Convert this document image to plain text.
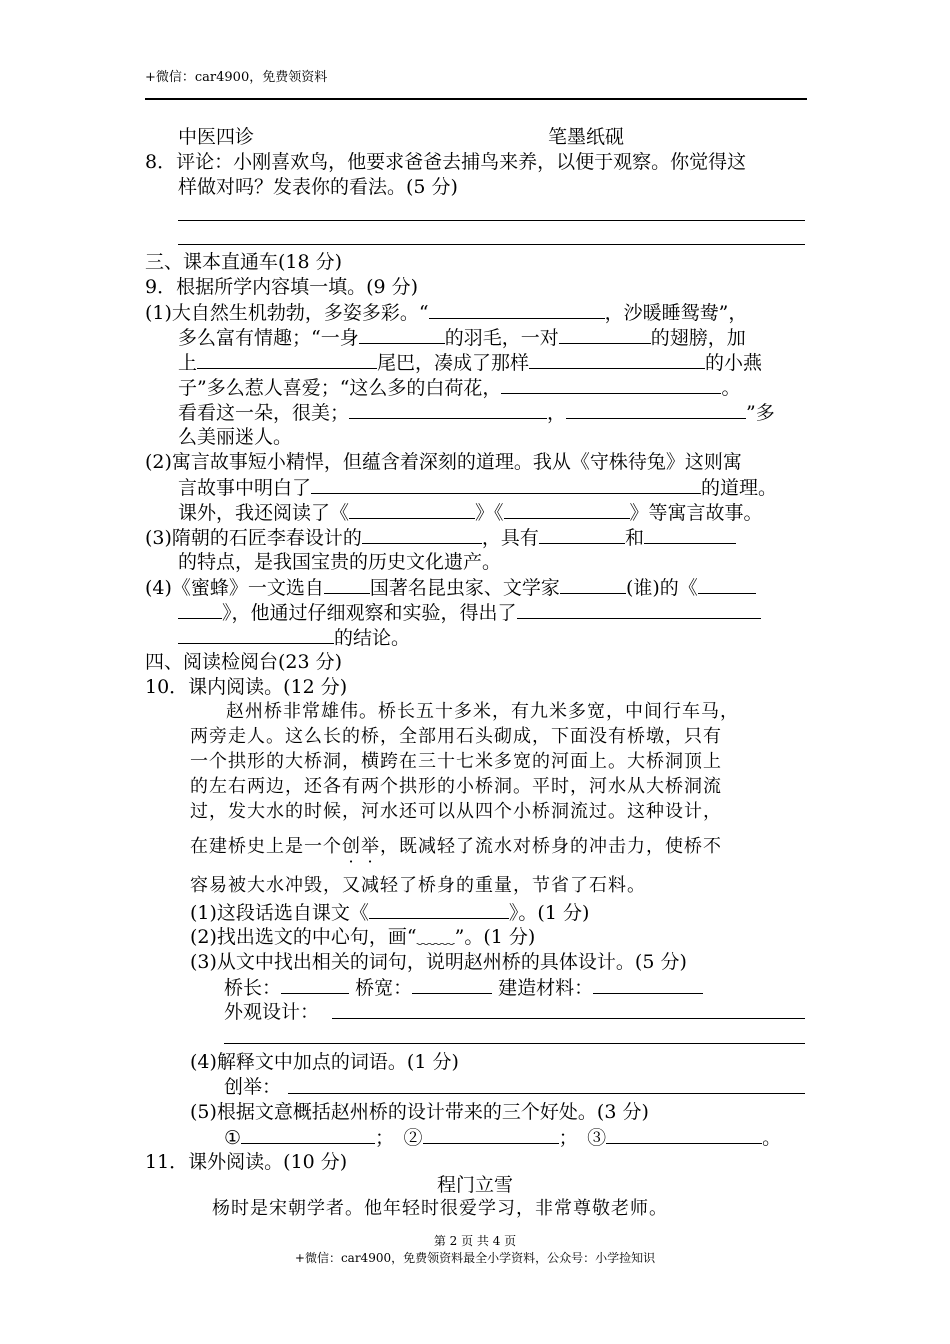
+微信：car4900，免费领资料
中医四诊	笔墨纸砚
8．评论：小刚喜欢鸟，他要求爸爸去捕鸟来养，以便于观察。你觉得这
样做对吗？发表你的看法。(5 分)
三、课本直通车(18 分)
9．根据所学内容填一填。(9 分)
(1)大自然生机勃勃，多姿多彩。“	，沙暖睡鸳鸯”，
多么富有情趣；“一身	的羽毛，一对	的翅膀，加
上	尾巴，凑成了那样	的小燕
子”多么惹人喜爱；“这么多的白荷花，	。
看看这一朵，很美；	，	”多
么美丽迷人。
(2)寓言故事短小精悍，但蕴含着深刻的道理。我从《守株待兔》这则寓
言故事中明白了	的道理。
课外，我还阅读了《	》《	》等寓言故事。
(3)隋朝的石匠李春设计的	，具有	和
的特点，是我国宝贵的历史文化遗产。
(4)《蜜蜂》一文选自 国著名昆虫家、文学家	(谁)的《
》，他通过仔细观察和实验，得出了
的结论。
四、阅读检阅台(23 分)
10．课内阅读。(12 分)
赵州桥非常雄伟。桥长五十多米，有九米多宽，中间行车马，
两旁走人。这么长的桥，全部用石头砌成，下面没有桥墩，只有
一个拱形的大桥洞，横跨在三十七米多宽的河面上。大桥洞顶上
的左右两边，还各有两个拱形的小桥洞。平时，河水从大桥洞流
过，发大水的时候，河水还可以从四个小桥洞流过。这种设计，
在建桥史上是一个创举，既减轻了流水对桥身的冲击力，使桥不
容易被大水冲毁，又减轻了桥身的重量，节省了石料。
(1)这段话选自课文《	》。(1 分)
(2)找出选文的中心句，画“﹏﹏”。(1 分)
(3)从文中找出相关的词句，说明赵州桥的具体设计。(5 分)
桥长：	桥宽：	建造材料：
外观设计：
(4)解释文中加点的词语。(1 分)
创举：
(5)根据文意概括赵州桥的设计带来的三个好处。(3 分)
①	；　②	；　③	。
11．课外阅读。(10 分)
程门立雪
杨时是宋朝学者。他年轻时很爱学习，非常尊敬老师。
第 2 页 共 4 页
+微信：car4900，免费领资料最全小学资料，公众号：小学捡知识
